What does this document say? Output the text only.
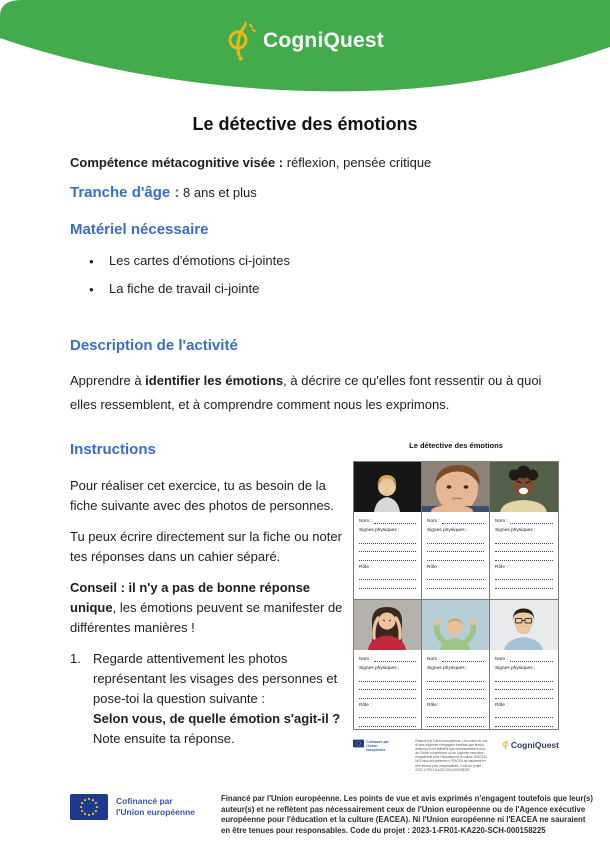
CogniQuest
Le détective des émotions
Compétence métacognitive visée : réflexion, pensée critique
Tranche d'âge : 8 ans et plus
Matériel nécessaire
● Les cartes d'émotions ci-jointes
● La fiche de travail ci-jointe
Description de l'activité

Apprendre à identifier les émotions, à décrire ce qu'elles font ressentir ou à quoi elles ressemblent, et à comprendre comment nous les exprimons.

Instructions

Pour réaliser cet exercice, tu as besoin de la fiche suivante avec des photos de personnes.

Tu peux écrire directement sur la fiche ou noter tes réponses dans un cahier séparé.

Conseil : il n'y a pas de bonne réponse unique, les émotions peuvent se manifester de différentes manières !

1. Regarde attentivement les photos représentant les visages des personnes et pose-toi la question suivante :
Selon vous, de quelle émotion s'agit-il ?
Note ensuite ta réponse.
Le détective des émotions
Nom :
Signes physiques :
Rôle :
Nom :
Signes physiques :
Rôle :
Nom :
Signes physiques :
Rôle :
Nom :
Signes physiques :
Rôle :
Nom :
Signes physiques :
Rôle :
Nom :
Signes physiques :
Rôle :
Cofinancé par
l'Union européenne
Financé par l'Union européenne. Les points de vue et avis exprimés n'engagent toutefois que leur(s) auteur(s) et ne reflètent pas nécessairement ceux de l'Union européenne ou de l'Agence exécutive européenne pour l'éducation et la culture (EACEA). Ni l'Union européenne ni l'EACEA ne sauraient en être tenues pour responsables. Code du projet : 2023-1-FR01-KA220-SCH-000158225
CogniQuest
Cofinancé par
l'Union européenne
Financé par l'Union européenne. Les points de vue et avis exprimés n'engagent toutefois que leur(s) auteur(s) et ne reflètent pas nécessairement ceux de l'Union européenne ou de l'Agence exécutive européenne pour l'éducation et la culture (EACEA). Ni l'Union européenne ni l'EACEA ne sauraient en être tenues pour responsables. Code du projet : 2023-1-FR01-KA220-SCH-000158225
